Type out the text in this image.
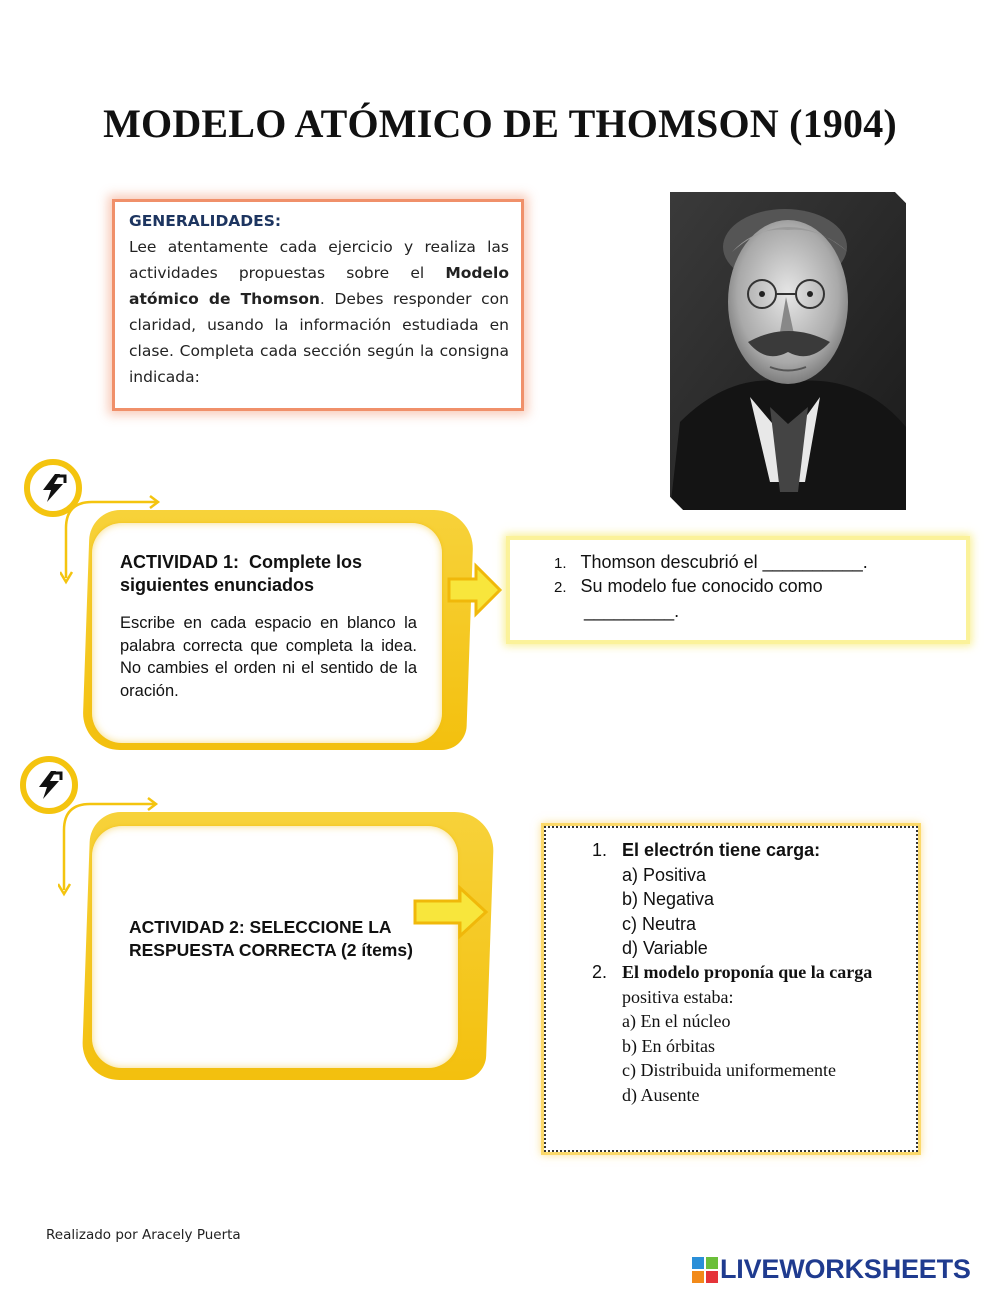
MODELO ATÓMICO DE THOMSON (1904)
GENERALIDADES:
Lee atentamente cada ejercicio y realiza las actividades propuestas sobre el Modelo atómico de Thomson. Debes responder con claridad, usando la información estudiada en clase. Completa cada sección según la consigna indicada:
ACTIVIDAD 1: Complete los siguientes enunciados
Escribe en cada espacio en blanco la palabra correcta que completa la idea. No cambies el orden ni el sentido de la oración.
1. Thomson descubrió el __________.
2. Su modelo fue conocido como
_________.
ACTIVIDAD 2: SELECCIONE LA RESPUESTA CORRECTA (2 ítems)
1. El electrón tiene carga:
a) Positiva
b) Negativa
c) Neutra
d) Variable
2. El modelo proponía que la carga
positiva estaba:
a) En el núcleo
b) En órbitas
c) Distribuida uniformemente
d) Ausente
Realizado por Aracely Puerta
LIVEWORKSHEETS
